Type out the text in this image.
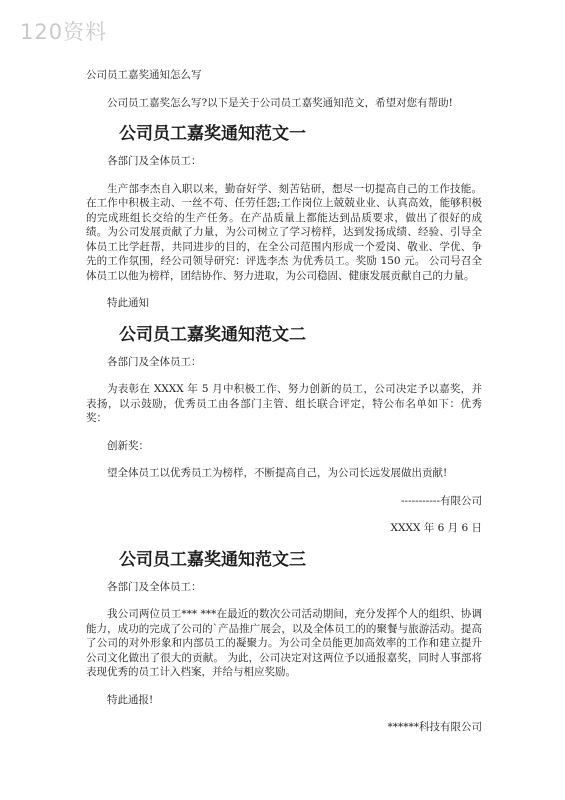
120资料

公司员工嘉奖通知怎么写

公司员工嘉奖怎么写?以下是关于公司员工嘉奖通知范文，希望对您有帮助!

公司员工嘉奖通知范文一

各部门及全体员工：

生产部李杰自入职以来，勤奋好学、刻苦钻研，想尽一切提高自己的工作技能。在工作中积极主动、一丝不苟、任劳任怨;工作岗位上兢兢业业、认真高效，能够积极的完成班组长交给的生产任务。在产品质量上都能达到品质要求，做出了很好的成绩。为公司发展贡献了力量，为公司树立了学习榜样，达到发扬成绩、经验、引导全体员工比学赶帮，共同进步的目的，在全公司范围内形成一个爱岗、敬业、学优、争先的工作氛围，经公司领导研究：评选李杰 为优秀员工。奖励 150 元。 公司号召全体员工以他为榜样，团结协作、努力进取，为公司稳固、健康发展贡献自己的力量。

特此通知

公司员工嘉奖通知范文二

各部门及全体员工：

为表彰在 XXXX 年 5 月中积极工作、努力创新的员工，公司决定予以嘉奖，并表扬，以示鼓励，优秀员工由各部门主管、组长联合评定，特公布名单如下：优秀奖：

创新奖：

望全体员工以优秀员工为榜样，不断提高自己，为公司长远发展做出贡献!

-----------有限公司

XXXX 年 6 月 6 日

公司员工嘉奖通知范文三

各部门及全体员工：

我公司两位员工*** ***在最近的数次公司活动期间，充分发挥个人的组织、协调能力，成功的完成了公司的`产品推广展会，以及全体员工的的聚餐与旅游活动。提高了公司的对外形象和内部员工的凝聚力。为公司全员能更加高效率的工作和建立提升公司文化做出了很大的贡献。 为此，公司决定对这两位予以通报嘉奖，同时人事部将表现优秀的员工计入档案，并给与相应奖励。

特此通报!

******科技有限公司
